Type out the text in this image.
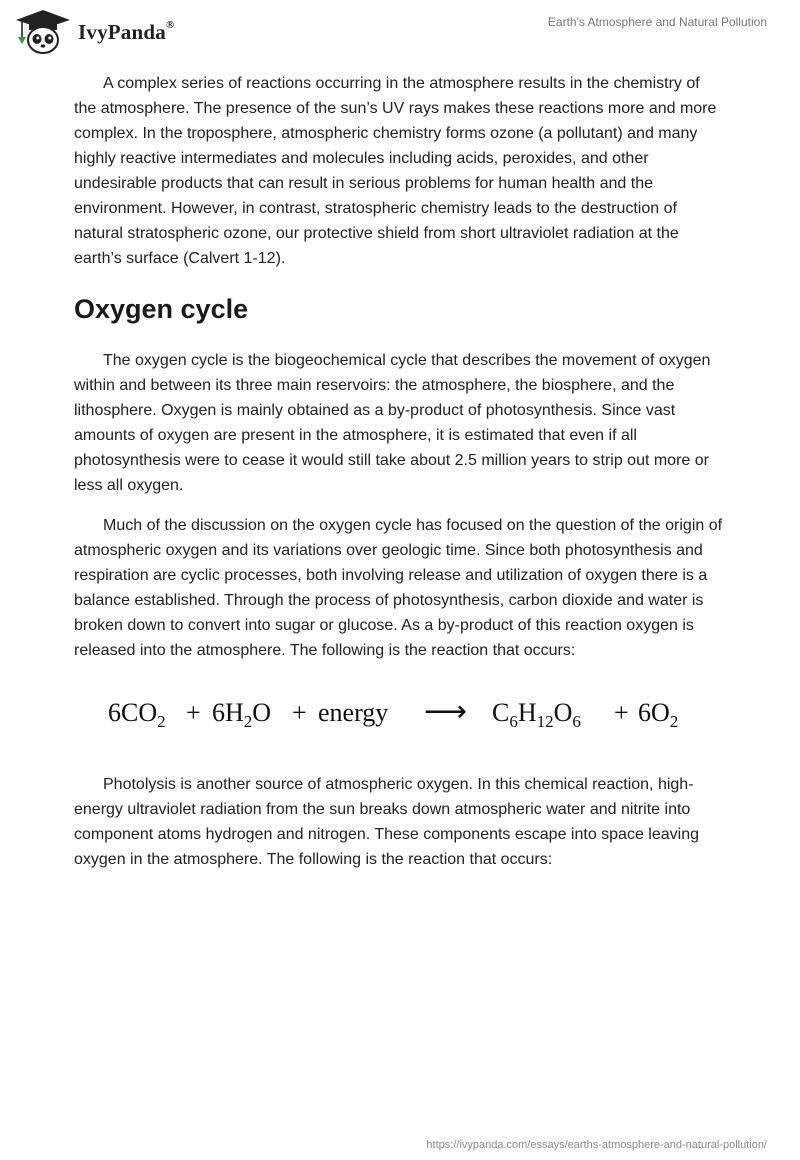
IvyPanda®	Earth's Atmosphere and Natural Pollution

A complex series of reactions occurring in the atmosphere results in the chemistry of the atmosphere. The presence of the sun’s UV rays makes these reactions more and more complex. In the troposphere, atmospheric chemistry forms ozone (a pollutant) and many highly reactive intermediates and molecules including acids, peroxides, and other undesirable products that can result in serious problems for human health and the environment. However, in contrast, stratospheric chemistry leads to the destruction of natural stratospheric ozone, our protective shield from short ultraviolet radiation at the earth’s surface (Calvert 1-12).

Oxygen cycle

The oxygen cycle is the biogeochemical cycle that describes the movement of oxygen within and between its three main reservoirs: the atmosphere, the biosphere, and the lithosphere. Oxygen is mainly obtained as a by-product of photosynthesis. Since vast amounts of oxygen are present in the atmosphere, it is estimated that even if all photosynthesis were to cease it would still take about 2.5 million years to strip out more or less all oxygen.

Much of the discussion on the oxygen cycle has focused on the question of the origin of atmospheric oxygen and its variations over geologic time. Since both photosynthesis and respiration are cyclic processes, both involving release and utilization of oxygen there is a balance established. Through the process of photosynthesis, carbon dioxide and water is broken down to convert into sugar or glucose. As a by-product of this reaction oxygen is released into the atmosphere. The following is the reaction that occurs:

$6CO_2 + 6H_2O$ + energy ⟶ $C_6H_{12}O_6 + 6O_2$

Photolysis is another source of atmospheric oxygen. In this chemical reaction, high-energy ultraviolet radiation from the sun breaks down atmospheric water and nitrite into component atoms hydrogen and nitrogen. These components escape into space leaving oxygen in the atmosphere. The following is the reaction that occurs:

https://ivypanda.com/essays/earths-atmosphere-and-natural-pollution/
